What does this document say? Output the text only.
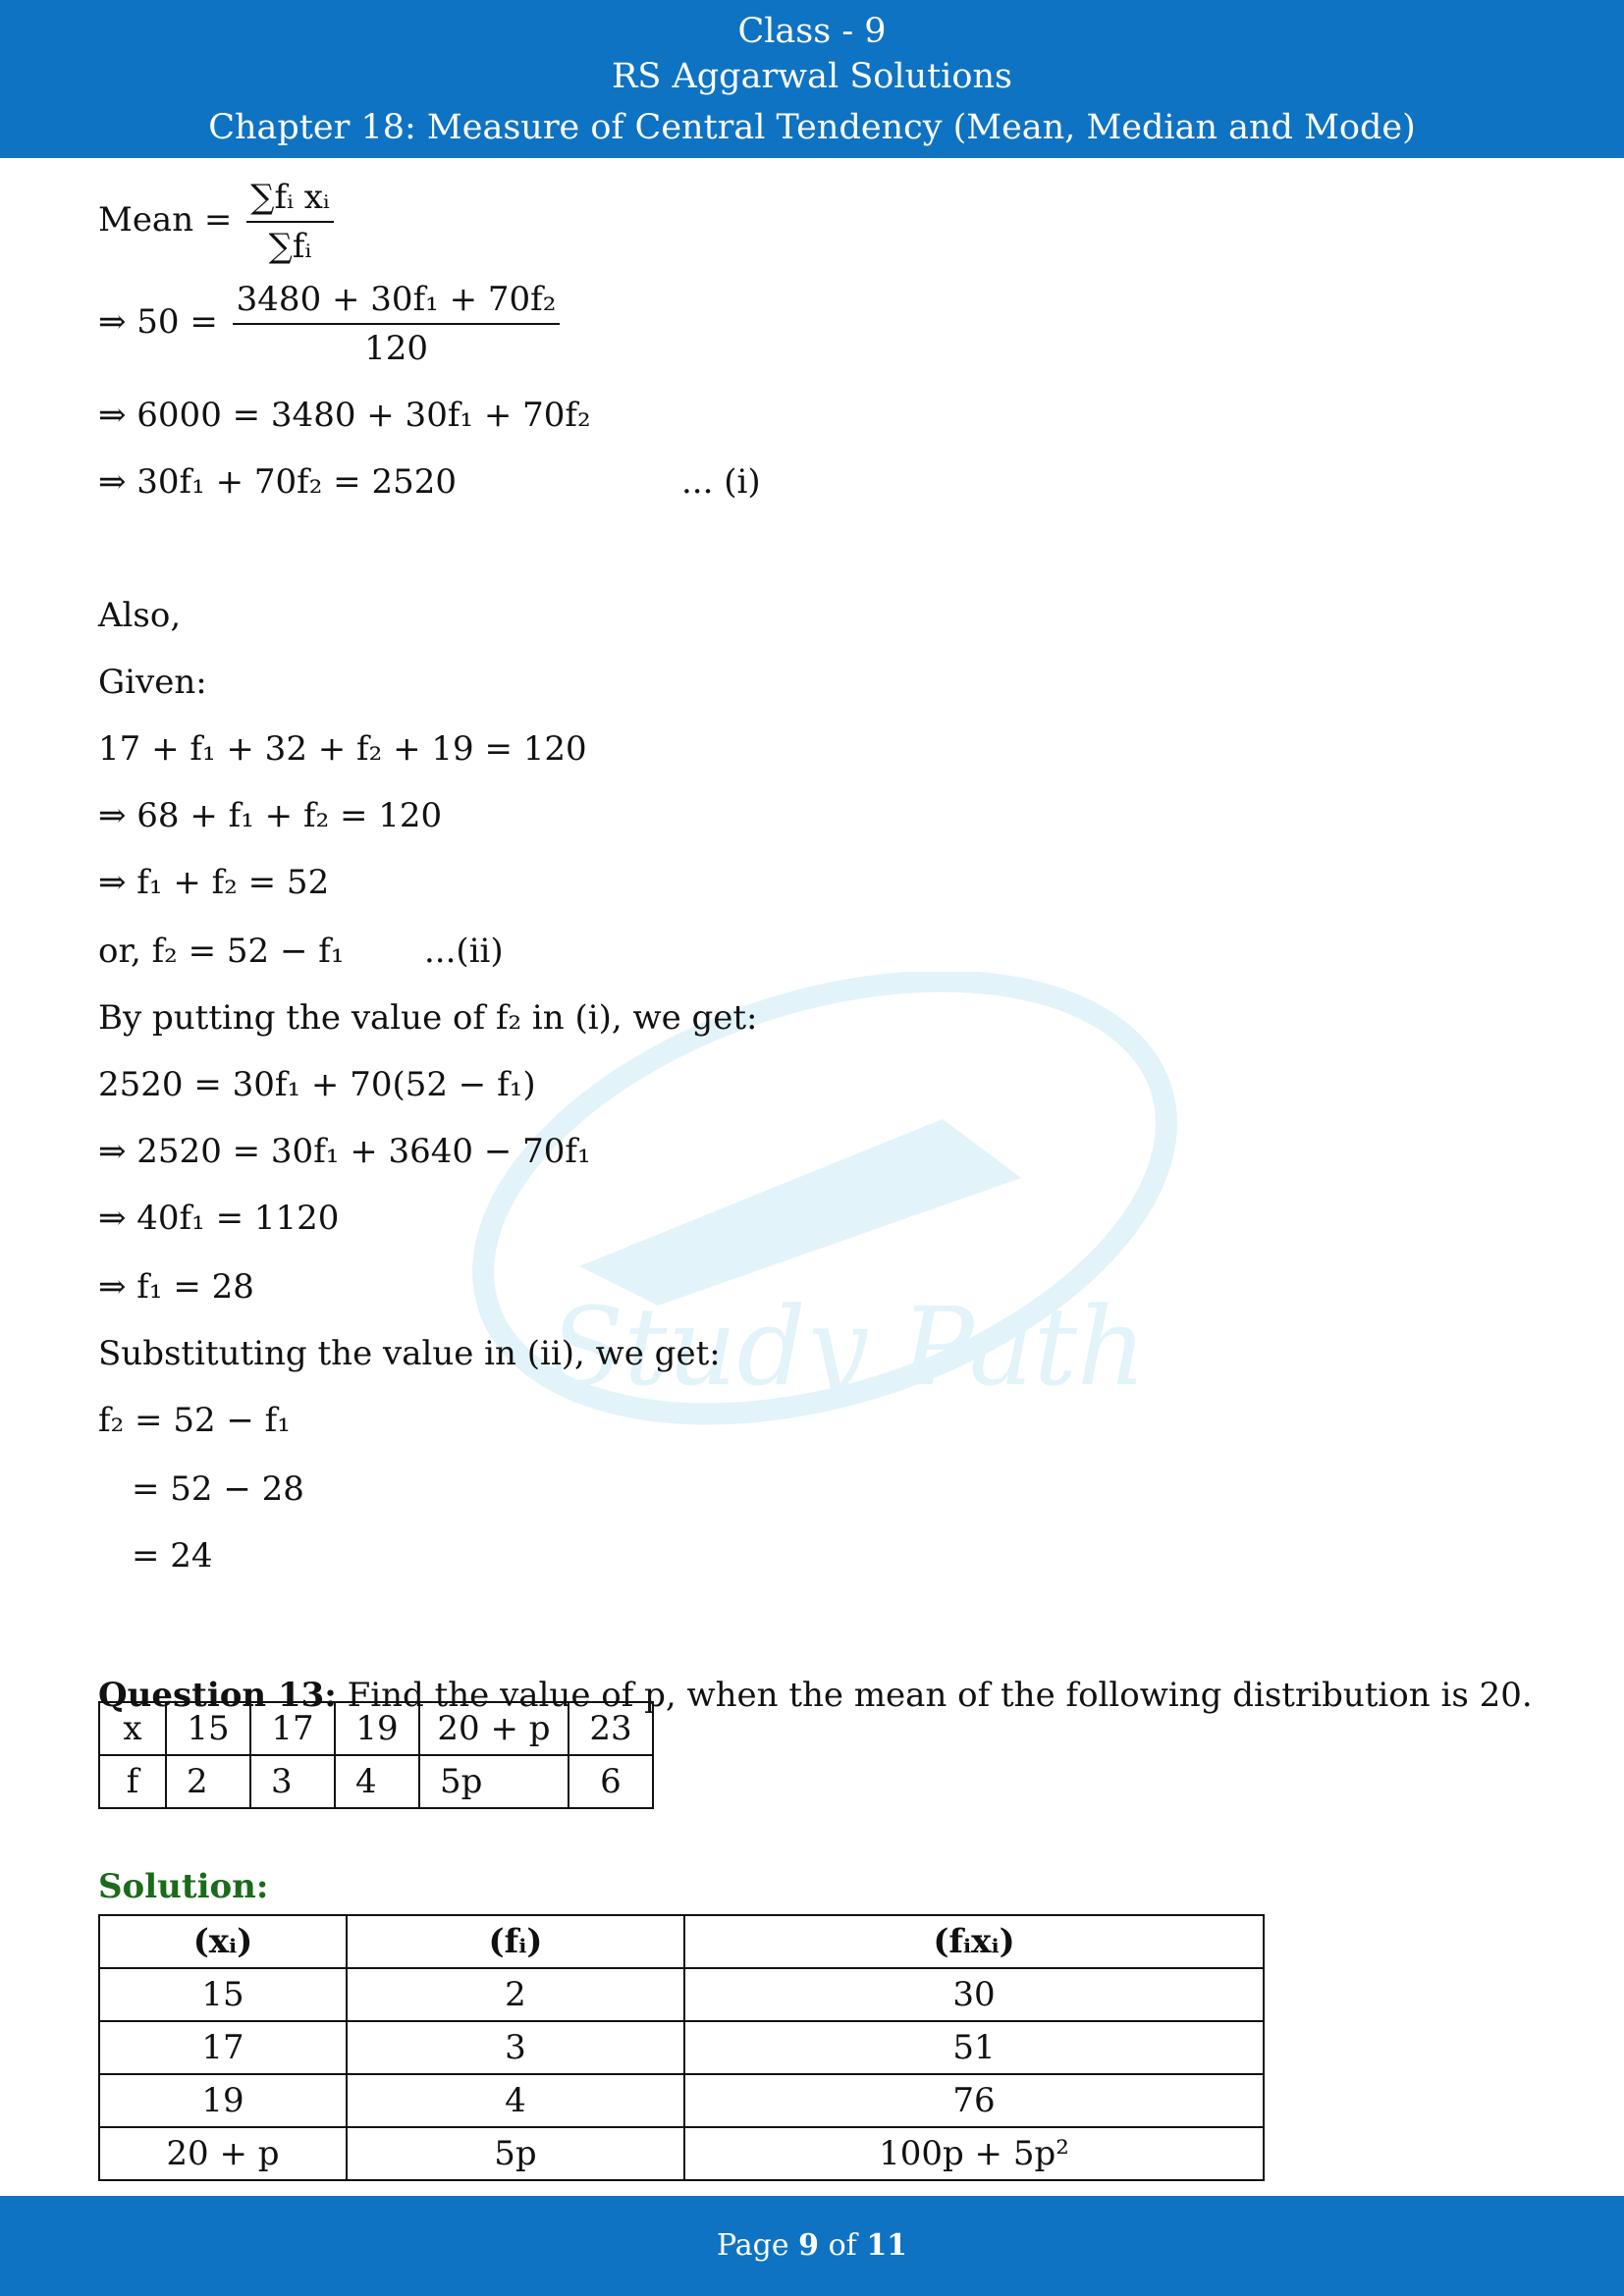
Class - 9
RS Aggarwal Solutions
Chapter 18: Measure of Central Tendency (Mean, Median and Mode)
Study Path
Mean = $\frac{\text{∑fᵢ xᵢ}}{\text{∑fᵢ}}$
⇒ $50 = \frac{\text{3480 + 30f₁ + 70f₂}}{120}$
⇒ 6000 = 3480 + 30f₁ + 70f₂
⇒ 30f₁ + 70f₂ = 2520	... (i)
Also,
Given:
17 + f₁ + 32 + f₂ + 19 = 120
⇒ 68 + f₁ + f₂ = 120
⇒ f₁ + f₂ = 52
or, f₂ = 52 − f₁ ...(ii)
By putting the value of f₂ in (i), we get:
2520 = 30f₁ + 70(52 − f₁)
⇒ 2520 = 30f₁ + 3640 − 70f₁
⇒ 40f₁ = 1120
⇒ f₁ = 28
Substituting the value in (ii), we get:
f₂ = 52 − f₁
= 52 − 28
= 24
Question 13: Find the value of p, when the mean of the following distribution is 20.
x	15	17	19	20 + p	23
f	2	3	4	5p	6
Solution:
(xᵢ)	(fᵢ)	(fᵢxᵢ)
15	2	30
17	3	51
19	4	76
20 + p	5p	100p + 5p²
Page 9 of 11
